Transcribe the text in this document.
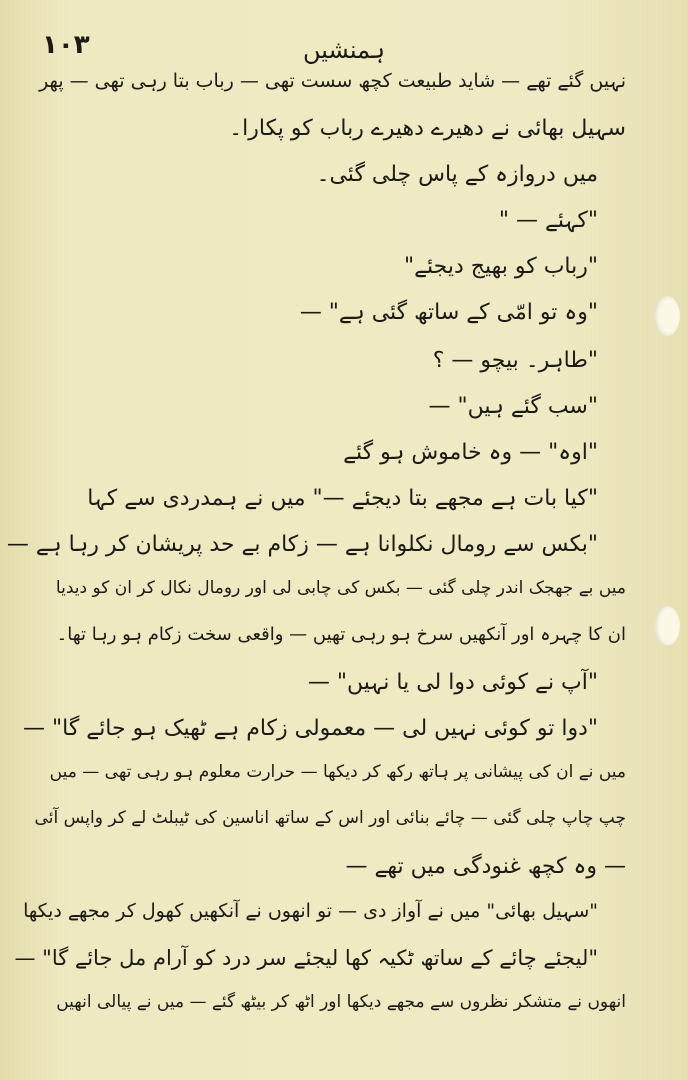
۱۰۳	ہمنشیں
نہیں گئے تھے — شاید طبیعت کچھ سست تھی — رباب بتا رہی تھی — پھر
سہیل بھائی نے دھیرے دھیرے رباب کو پکارا۔
میں دروازہ کے پاس چلی گئی۔
"کہئے — "
"رباب کو بھیج دیجئے"
"وہ تو امّی کے ساتھ گئی ہے" —
"طاہر۔ بیچو — ؟
"سب گئے ہیں" —
"اوہ" — وہ خاموش ہو گئے
"کیا بات ہے مجھے بتا دیجئے —" میں نے ہمدردی سے کہا
"بکس سے رومال نکلوانا ہے — زکام بے حد پریشان کر رہا ہے —
میں بے جھجک اندر چلی گئی — بکس کی چابی لی اور رومال نکال کر ان کو دیدیا
ان کا چہرہ اور آنکھیں سرخ ہو رہی تھیں — واقعی سخت زکام ہو رہا تھا۔
"آپ نے کوئی دوا لی یا نہیں" —
"دوا تو کوئی نہیں لی — معمولی زکام ہے ٹھیک ہو جائے گا" —
میں نے ان کی پیشانی پر ہاتھ رکھ کر دیکھا — حرارت معلوم ہو رہی تھی — میں
چپ چاپ چلی گئی — چائے بنائی اور اس کے ساتھ اناسین کی ٹیبلٹ لے کر واپس آئی
— وہ کچھ غنودگی میں تھے —
"سہیل بھائی" میں نے آواز دی — تو انھوں نے آنکھیں کھول کر مجھے دیکھا
"لیجئے چائے کے ساتھ ٹکیہ کھا لیجئے سر درد کو آرام مل جائے گا" —
انھوں نے متشکر نظروں سے مجھے دیکھا اور اٹھ کر بیٹھ گئے — میں نے پیالی انھیں
